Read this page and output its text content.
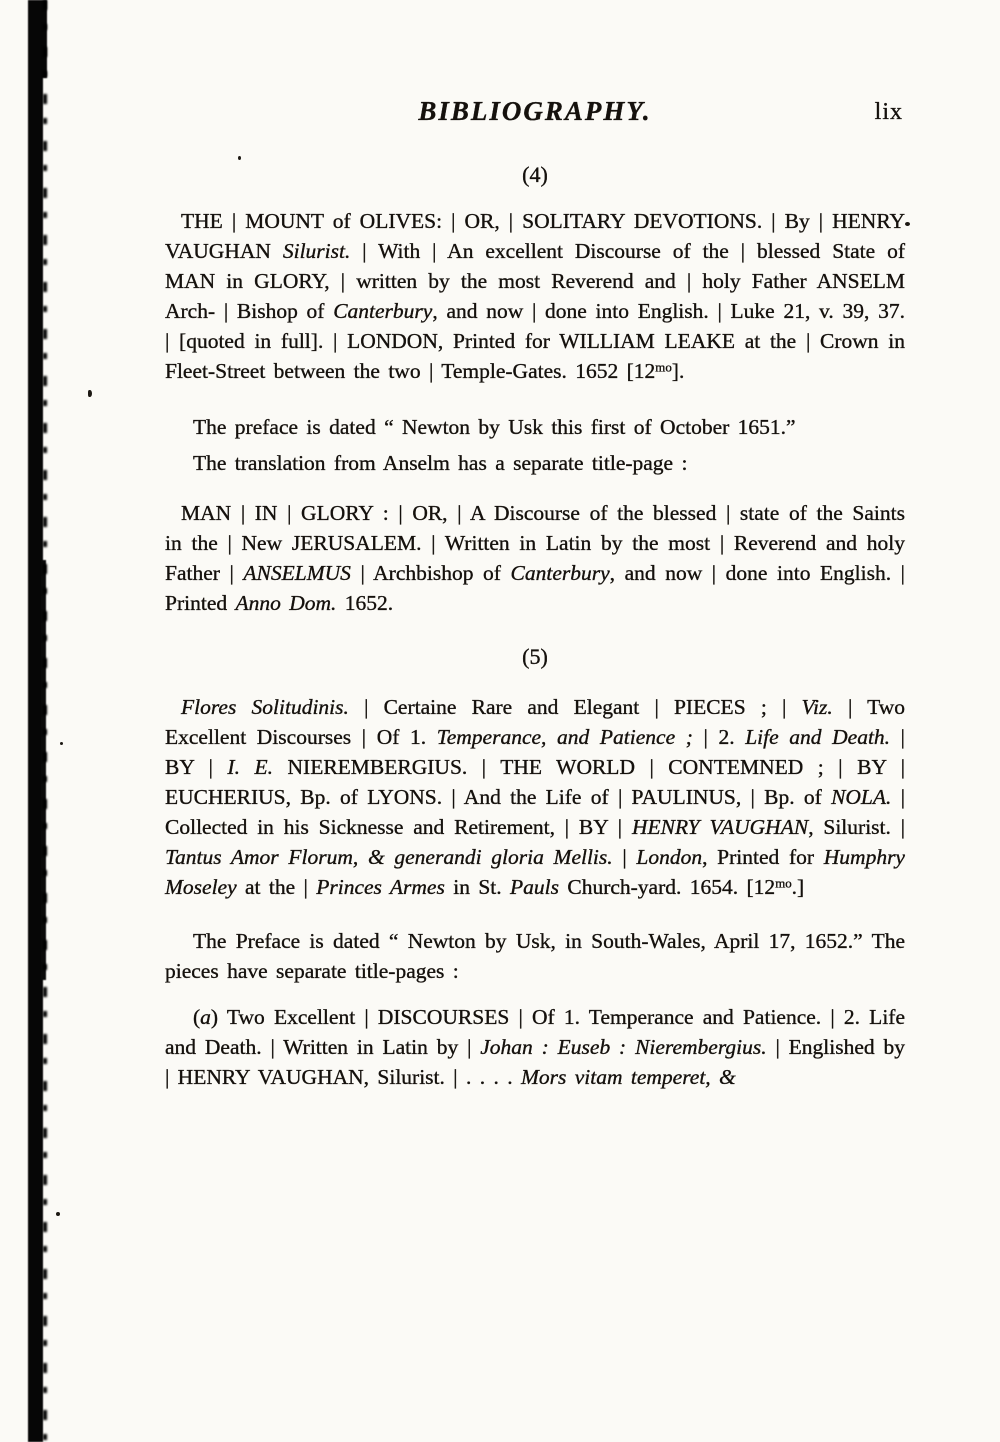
BIBLIOGRAPHY.	lix
(4)

THE | MOUNT of OLIVES: | OR, | SOLITARY DEVOTIONS. | By | HENRY VAUGHAN Silurist. | With | An excellent Discourse of the | blessed State of MAN in GLORY, | written by the most Reverend and | holy Father ANSELM Arch- | Bishop of Canterbury, and now | done into English. | Luke 21, v. 39, 37. | [quoted in full]. | LONDON, Printed for WILLIAM LEAKE at the | Crown in Fleet-Street between the two | Temple-Gates. 1652 $[12^{mo}]$.

The preface is dated “ Newton by Usk this first of October 1651.”

The translation from Anselm has a separate title-page :

MAN | IN | GLORY : | OR, | A Discourse of the blessed | state of the Saints in the | New JERUSALEM. | Written in Latin by the most | Reverend and holy Father | ANSELMUS | Archbishop of Canterbury, and now | done into English. | Printed Anno Dom. 1652.

(5)

Flores Solitudinis. | Certaine Rare and Elegant | PIECES ; | Viz. | Two Excellent Discourses | Of 1. Temperance, and Patience ; | 2. Life and Death. | BY | I. E. NIEREMBERGIUS. | THE WORLD | CONTEMNED ; | BY | EUCHERIUS, Bp. of LYONS. | And the Life of | PAULINUS, | Bp. of NOLA. | Collected in his Sicknesse and Retirement, | BY | HENRY VAUGHAN, Silurist. | Tantus Amor Florum, & generandi gloria Mellis. | London, Printed for Humphry Moseley at the | Princes Armes in St. Pauls Church-yard. 1654. $[12^{mo}.]$

The Preface is dated “ Newton by Usk, in South-Wales, April 17, 1652.” The pieces have separate title-pages :

(a) Two Excellent | DISCOURSES | Of 1. Temperance and Patience. | 2. Life and Death. | Written in Latin by | Johan : Euseb : Nierembergius. | Englished by | HENRY VAUGHAN, Silurist. | . . . . Mors vitam temperet, &
